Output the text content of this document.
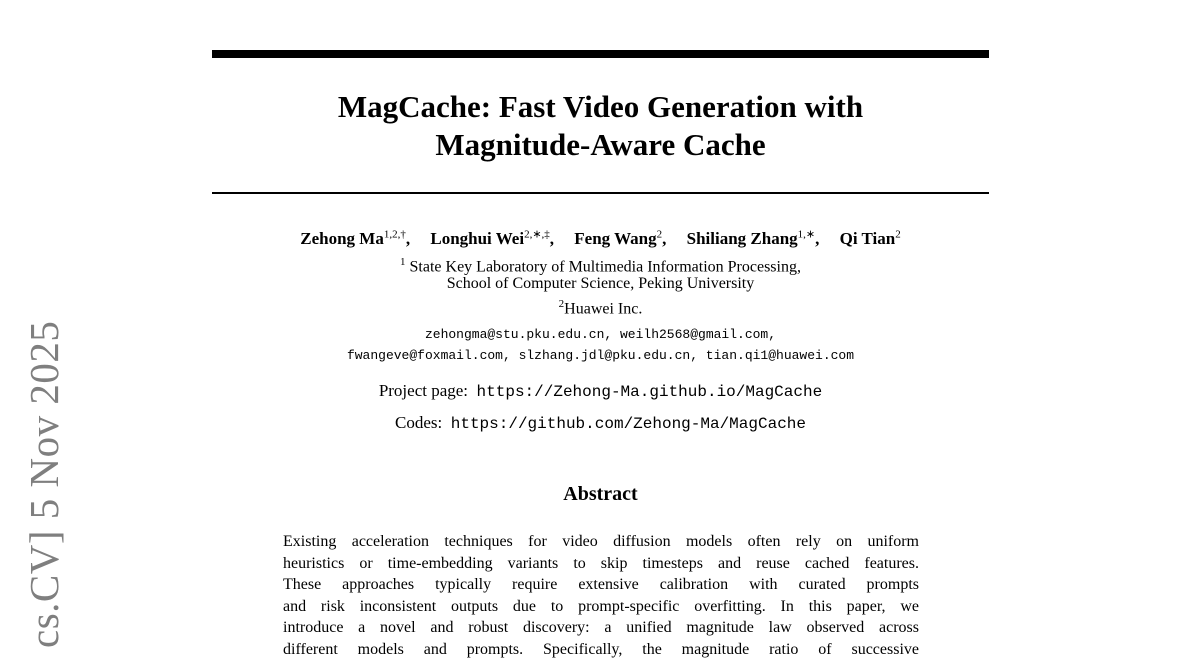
cs.CV] 5 Nov 2025
MagCache: Fast Video Generation with
Magnitude-Aware Cache
Zehong $Ma^{1,2,\dagger}$, Longhui Wei$^{2,∗,\ddagger}$, Feng Wang$^2$, Shiliang Zhang$^{1,∗}$, Qi Tian$^2$
$^1$ State Key Laboratory of Multimedia Information Processing,
School of Computer Science, Peking University
$^2$Huawei Inc.
zehongma@stu.pku.edu.cn, weilh2568@gmail.com,
fwangeve@foxmail.com, slzhang.jdl@pku.edu.cn, tian.qi1@huawei.com
Project page: https://Zehong-Ma.github.io/MagCache
Codes: https://github.com/Zehong-Ma/MagCache
Abstract
Existing acceleration techniques for video diffusion models often rely on uniform
heuristics or time-embedding variants to skip timesteps and reuse cached features.
These approaches typically require extensive calibration with curated prompts
and risk inconsistent outputs due to prompt-specific overfitting. In this paper, we
introduce a novel and robust discovery: a unified magnitude law observed across
different models and prompts. Specifically, the magnitude ratio of successive
